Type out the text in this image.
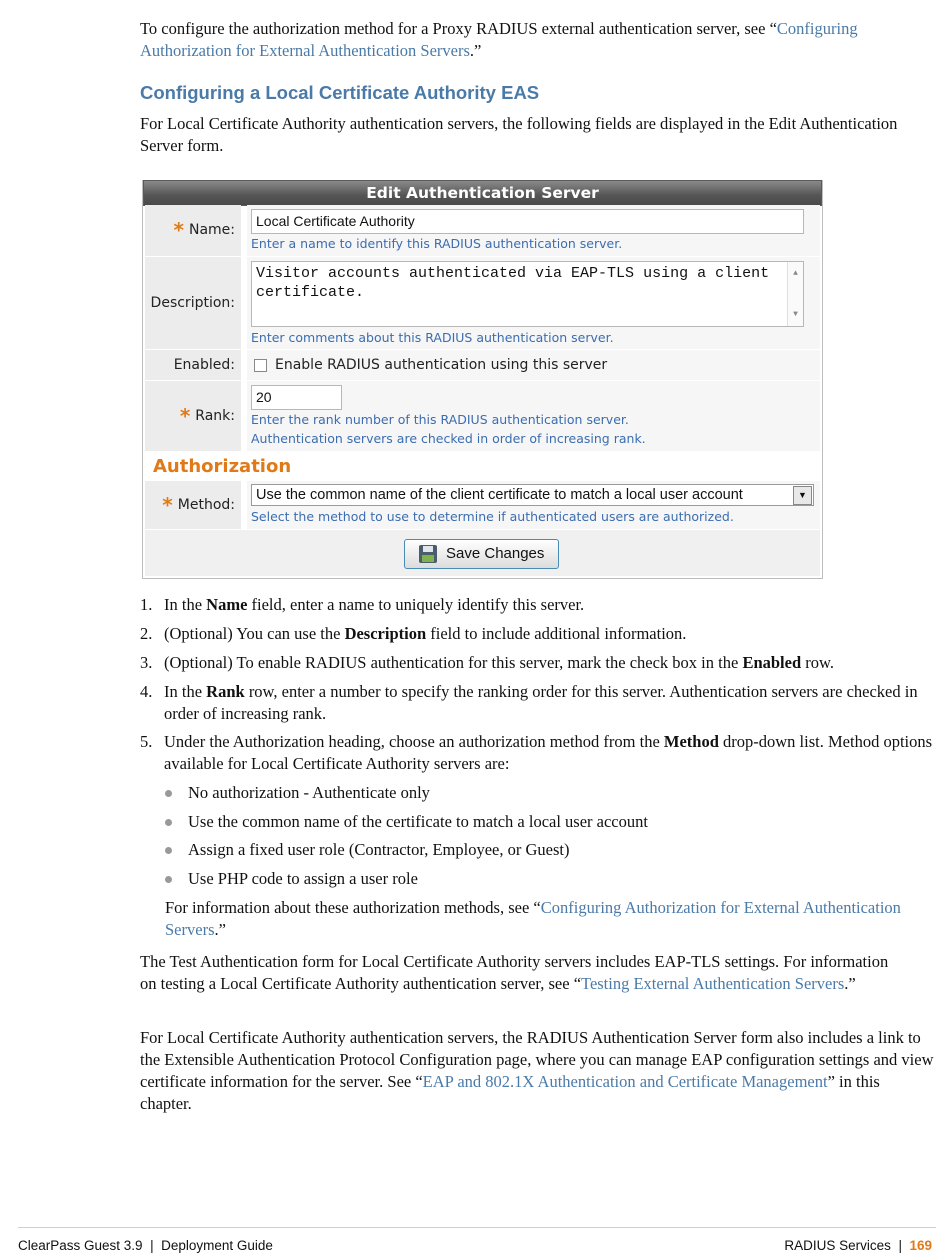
To configure the authorization method for a Proxy RADIUS external authentication server, see “Configuring Authorization for External Authentication Servers.”

Configuring a Local Certificate Authority EAS

For Local Certificate Authority authentication servers, the following fields are displayed in the Edit Authentication Server form.

Edit Authentication Server
* Name:
Local Certificate Authority
Enter a name to identify this RADIUS authentication server.
Description:
Visitor accounts authenticated via EAP-TLS using a client certificate.
▲
▼
Enter comments about this RADIUS authentication server.
Enabled:	Enable RADIUS authentication using this server
* Rank:
20
Enter the rank number of this RADIUS authentication server.
Authentication servers are checked in order of increasing rank.
Authorization
* Method:
Use the common name of the client certificate to match a local user account	▼
Select the method to use to determine if authenticated users are authorized.
Save Changes
1. In the Name field, enter a name to uniquely identify this server.
2. (Optional) You can use the Description field to include additional information.
3. (Optional) To enable RADIUS authentication for this server, mark the check box in the Enabled row.
4. In the Rank row, enter a number to specify the ranking order for this server. Authentication servers are checked in order of increasing rank.
5. Under the Authorization heading, choose an authorization method from the Method drop-down list. Method options available for Local Certificate Authority servers are:
No authorization - Authenticate only
Use the common name of the certificate to match a local user account
Assign a fixed user role (Contractor, Employee, or Guest)
Use PHP code to assign a user role

For information about these authorization methods, see “Configuring Authorization for External Authentication Servers.”

The Test Authentication form for Local Certificate Authority servers includes EAP-TLS settings. For information on testing a Local Certificate Authority authentication server, see “Testing External Authentication Servers.”

For Local Certificate Authority authentication servers, the RADIUS Authentication Server form also includes a link to the Extensible Authentication Protocol Configuration page, where you can manage EAP configuration settings and view certificate information for the server. See “EAP and 802.1X Authentication and Certificate Management” in this chapter.

ClearPass Guest 3.9 | Deployment Guide	RADIUS Services | 169
